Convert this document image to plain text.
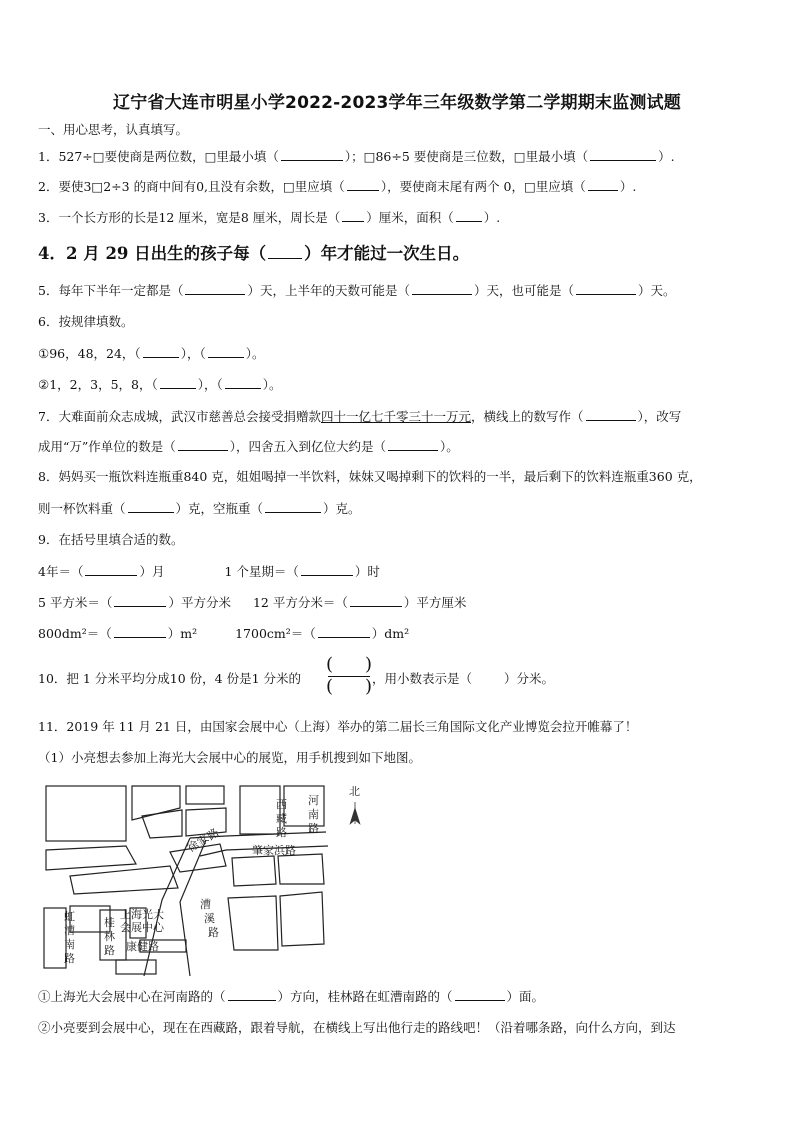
辽宁省大连市明星小学2022-2023学年三年级数学第二学期期末监测试题
一、用心思考，认真填写。
1．527÷□要使商是两位数，□里最小填（	）；□86÷5 要使商是三位数，□里最小填（	）.
2．要使3□2÷3 的商中间有0,且没有余数，□里应填（	），要使商末尾有两个 0，□里应填（	）.
3．一个长方形的长是12 厘米，宽是8 厘米，周长是（ ）厘米，面积（ ）.
4．2 月 29 日出生的孩子每（ ）年才能过一次生日。
5．每年下半年一定都是（	）天，上半年的天数可能是（	）天，也可能是（	）天。
6．按规律填数。
①96，48，24，（	），（	）。
②1，2，3，5，8，（	），（	）。
7．大难面前众志成城，武汉市慈善总会接受捐赠款四十一亿七千零三十一万元，横线上的数写作（	），改写
成用“万”作单位的数是（	），四舍五入到亿位大约是（	）。
8．妈妈买一瓶饮料连瓶重840 克，姐姐喝掉一半饮料，妹妹又喝掉剩下的饮料的一半，最后剩下的饮料连瓶重360 克，
则一杯饮料重（	）克，空瓶重（	）克。
9．在括号里填合适的数。
4年＝（	）月	1 个星期＝（	）时
5 平方米＝（	）平方分米 12 平方分米＝（	）平方厘米
800dm²＝（	）m²	1700cm²＝（	）dm²
10．把 1 分米平均分成10 份，4 份是1 分米的
( )
( ) ，用小数表示是（	）分米。
11．2019 年 11 月 21 日，由国家会展中心（上海）举办的第二届长三角国际文化产业博览会拉开帷幕了！
（1）小亮想去参加上海光大会展中心的展览，用手机搜到如下地图。
北
西
藏
路
河
南
路
徐
家
路
肇家浜路
漕
溪
路
虹
漕
南
路
桂
林
路
上海光大
会展中心
康健路
①上海光大会展中心在河南路的（	）方向，桂林路在虹漕南路的（	）面。
②小亮要到会展中心，现在在西藏路，跟着导航，在横线上写出他行走的路线吧！（沿着哪条路，向什么方向，到达
